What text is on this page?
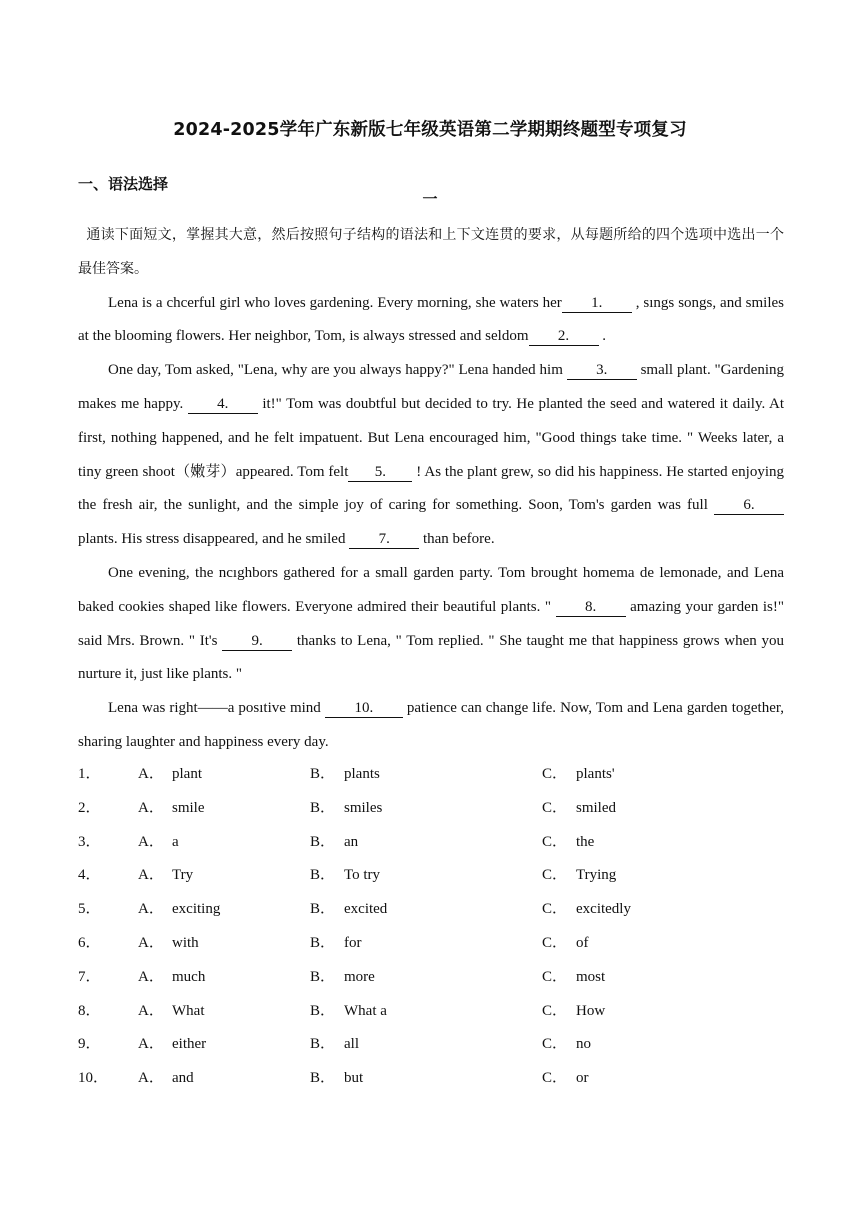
2024-2025学年广东新版七年级英语第二学期期终题型专项复习
一、语法选择
一

通读下面短文，掌握其大意，然后按照句子结构的语法和上下文连贯的要求，从每题所给的四个选项中选出一个最佳答案。

Lena is a chcerful girl who loves gardening. Every morning, she waters her 1. , sıngs songs, and smiles at the blooming flowers. Her neighbor, Tom, is always stressed and seldom 2. .

One day, Tom asked, "Lena, why are you always happy?" Lena handed him 3. small plant. "Gardening makes me happy. 4. it!" Tom was doubtful but decided to try. He planted the seed and watered it daily. At first, nothing happened, and he felt impatuent. But Lena encouraged him, "Good things take time. " Weeks later, a tiny green shoot（嫩芽）appeared. Tom felt 5. ! As the plant grew, so did his happiness. He started enjoying the fresh air, the sunlight, and the simple joy of caring for something. Soon, Tom's garden was full 6. plants. His stress disappeared, and he smiled 7. than before.

One evening, the ncıghbors gathered for a small garden party. Tom brought homema de lemonade, and Lena baked cookies shaped like flowers. Everyone admired their beautiful plants. " 8. amazing your garden is!" said Mrs. Brown. " It's 9. thanks to Lena, " Tom replied. " She taught me that happiness grows when you nurture it, just like plants. "

Lena was right——a posıtive mind 10. patience can change life. Now, Tom and Lena garden together, sharing laughter and happiness every day.

1． A． plant	B． plants	C． plants'
2． A． smile	B． smiles	C． smiled
3． A． a	B． an	C． the
4． A． Try	B． To try	C． Trying
5． A． exciting	B． excited	C． excitedly
6． A． with	B． for	C． of
7． A． much	B． more	C． most
8． A． What	B． What a	C． How
9． A． either	B． all	C． no
10． A． and	B． but	C． or
